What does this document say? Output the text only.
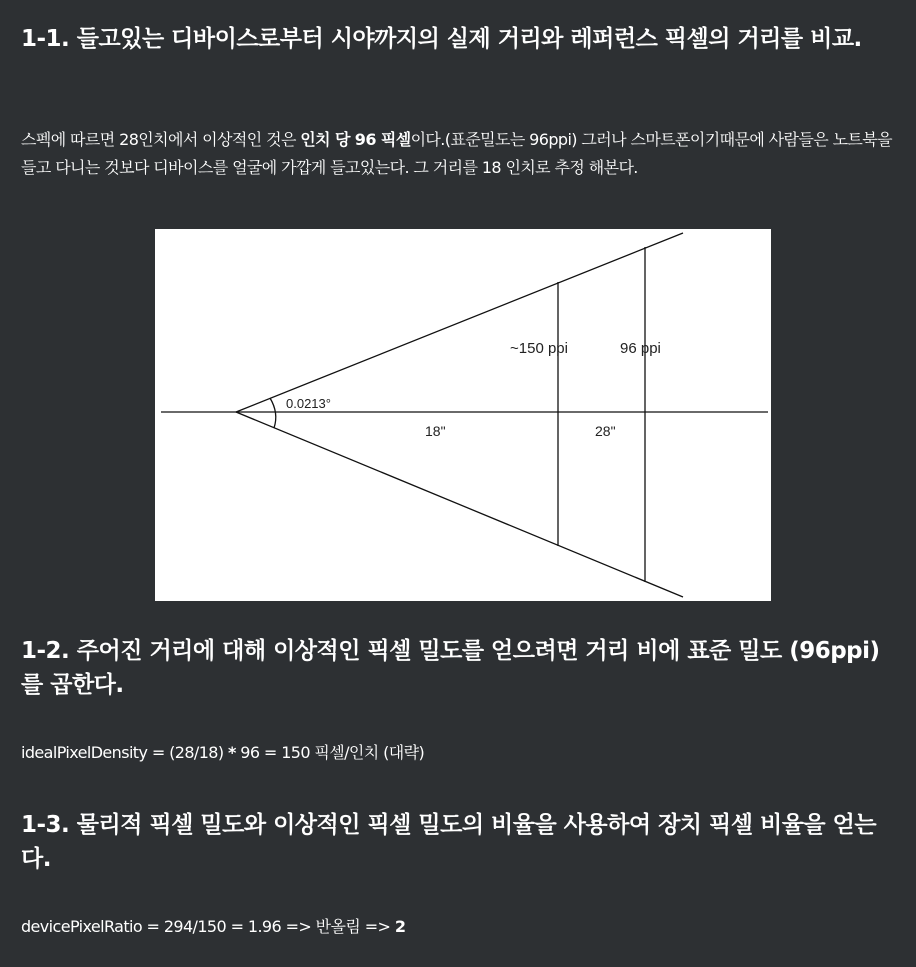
1-1. 들고있는 디바이스로부터 시야까지의 실제 거리와 레퍼런스 픽셀의 거리를 비교.

스펙에 따르면 28인치에서 이상적인 것은 인치 당 96 픽셀이다.(표준밀도는 96ppi) 그러나 스마트폰이기때문에 사람들은 노트북을 들고 다니는 것보다 디바이스를 얼굴에 가깝게 들고있는다. 그 거리를 18 인치로 추정 해본다.

1-2. 주어진 거리에 대해 이상적인 픽셀 밀도를 얻으려면 거리 비에 표준 밀도 (96ppi)를 곱한다.

idealPixelDensity = (28/18) * 96 = 150 픽셀/인치 (대략)

1-3. 물리적 픽셀 밀도와 이상적인 픽셀 밀도의 비율을 사용하여 장치 픽셀 비율을 얻는다.

devicePixelRatio = 294/150 = 1.96 => 반올림 => 2

0.0213°
18"	28"
~150 ppi	96 ppi
